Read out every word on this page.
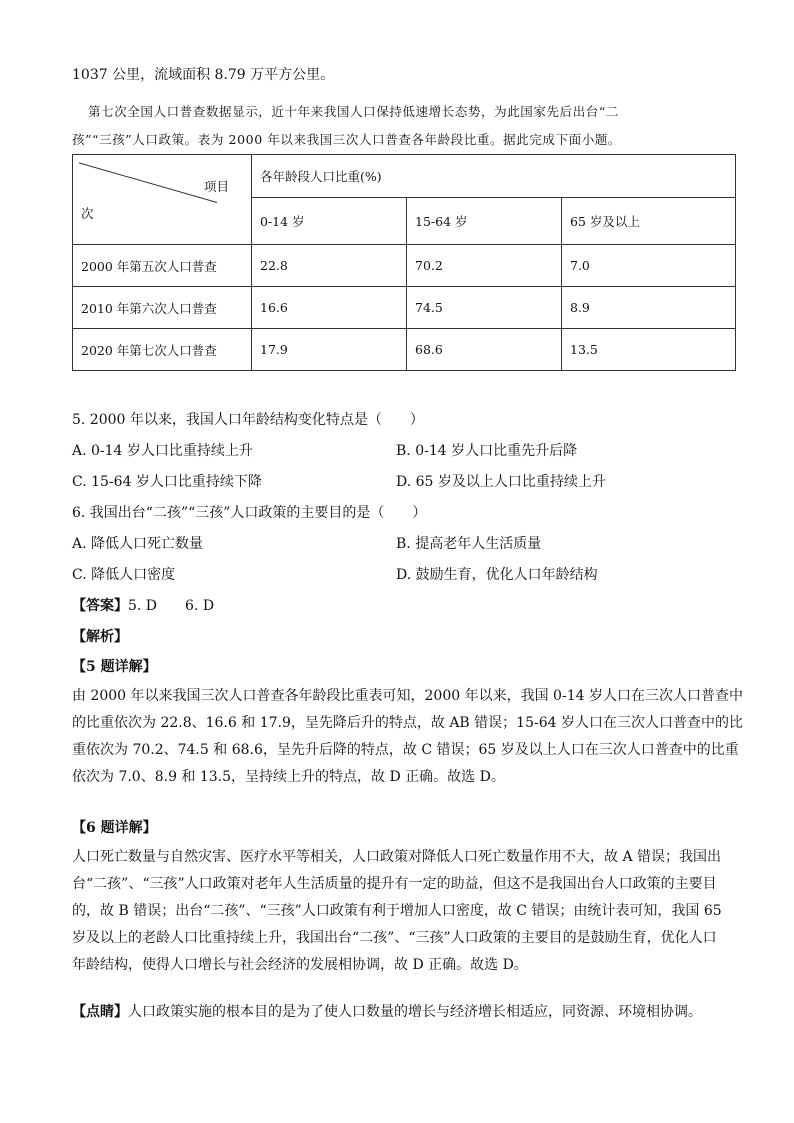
1037 公里，流域面积 8.79 万平方公里。
第七次全国人口普查数据显示，近十年来我国人口保持低速增长态势，为此国家先后出台“二
孩”“三孩”人口政策。表为 2000 年以来我国三次人口普查各年龄段比重。据此完成下面小题。
项目
次	各年龄段人口比重(%)		
	0-14 岁	15-64 岁	65 岁及以上
2000 年第五次人口普查	22.8	70.2	7.0
2010 年第六次人口普查	16.6	74.5	8.9
2020 年第七次人口普查	17.9	68.6	13.5
5. 2000 年以来，我国人口年龄结构变化特点是（　　）
A. 0-14 岁人口比重持续上升	B. 0-14 岁人口比重先升后降
C. 15-64 岁人口比重持续下降	D. 65 岁及以上人口比重持续上升
6. 我国出台“二孩”“三孩”人口政策的主要目的是（　　）
A. 降低人口死亡数量	B. 提高老年人生活质量
C. 降低人口密度	D. 鼓励生育，优化人口年龄结构
【答案】5. D　　6. D
【解析】
【5 题详解】
由 2000 年以来我国三次人口普查各年龄段比重表可知，2000 年以来，我国 0-14 岁人口在三次人口普查中
的比重依次为 22.8、16.6 和 17.9，呈先降后升的特点，故 AB 错误；15-64 岁人口在三次人口普查中的比
重依次为 70.2、74.5 和 68.6，呈先升后降的特点，故 C 错误；65 岁及以上人口在三次人口普查中的比重
依次为 7.0、8.9 和 13.5，呈持续上升的特点，故 D 正确。故选 D。
【6 题详解】
人口死亡数量与自然灾害、医疗水平等相关，人口政策对降低人口死亡数量作用不大，故 A 错误；我国出
台“二孩”、“三孩”人口政策对老年人生活质量的提升有一定的助益，但这不是我国出台人口政策的主要目
的，故 B 错误；出台“二孩”、“三孩”人口政策有利于增加人口密度，故 C 错误；由统计表可知，我国 65
岁及以上的老龄人口比重持续上升，我国出台“二孩”、“三孩”人口政策的主要目的是鼓励生育，优化人口
年龄结构，使得人口增长与社会经济的发展相协调，故 D 正确。故选 D。
【点睛】人口政策实施的根本目的是为了使人口数量的增长与经济增长相适应，同资源、环境相协调。
